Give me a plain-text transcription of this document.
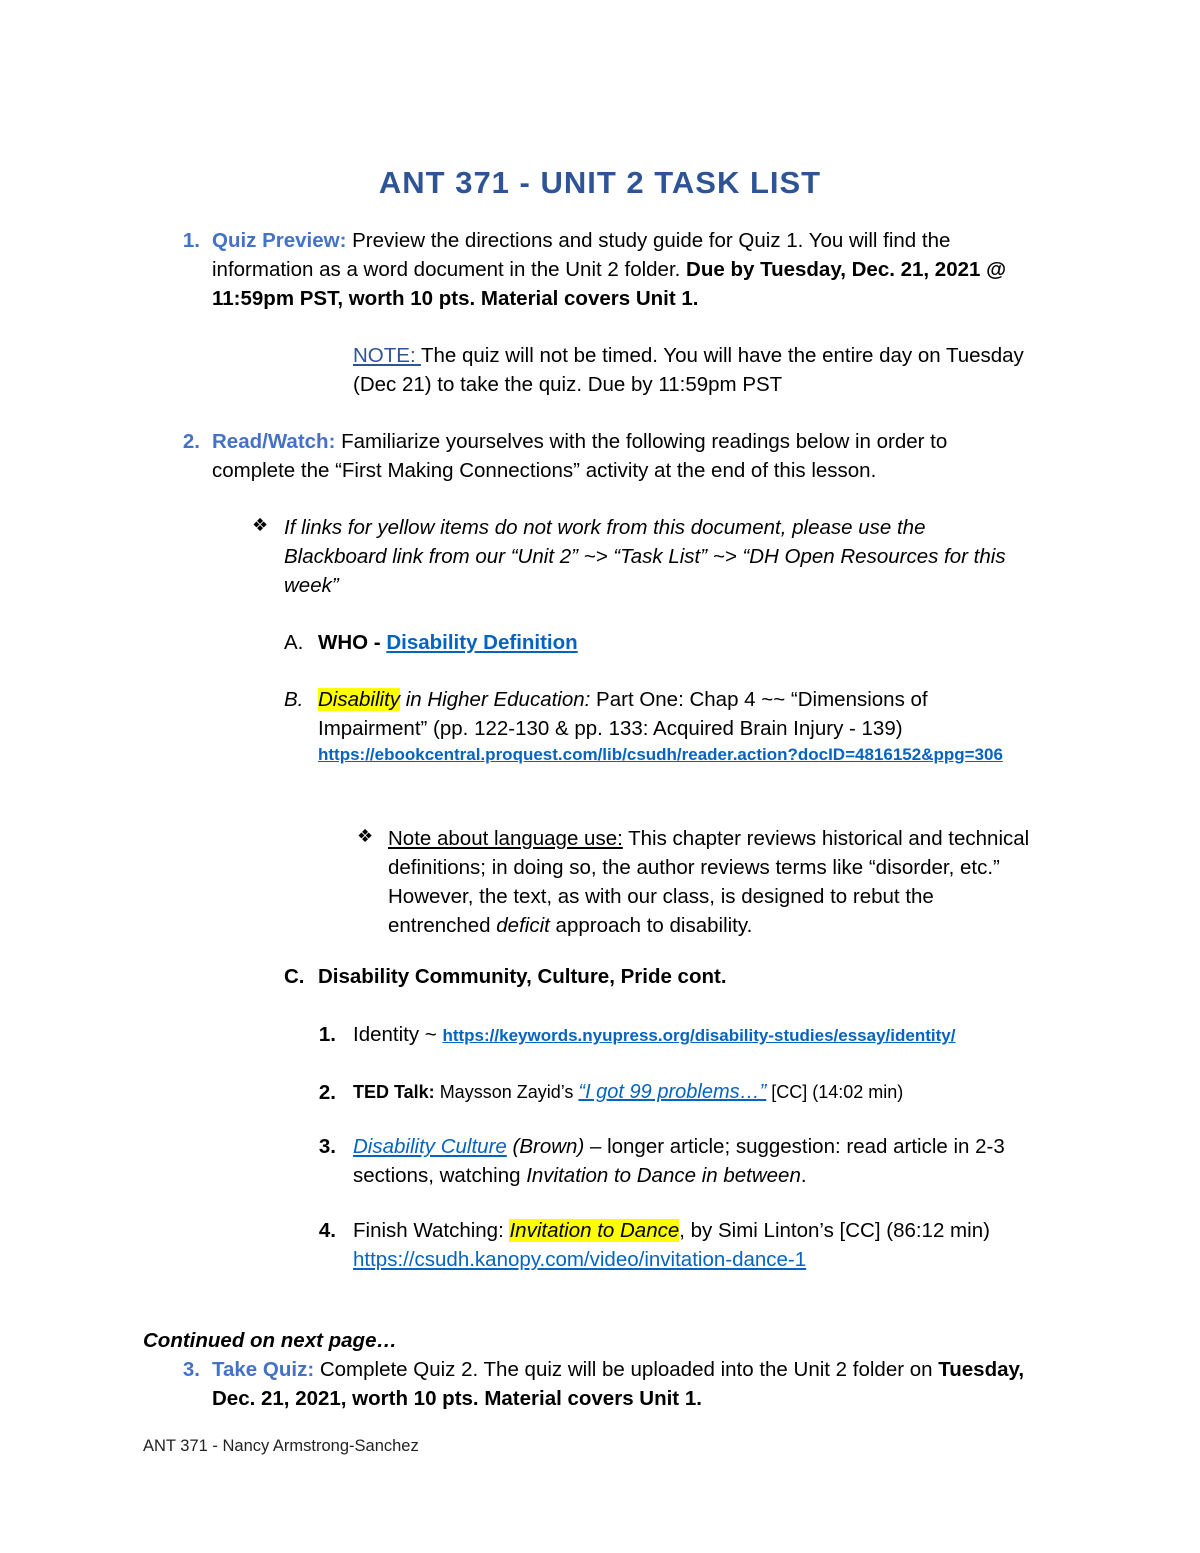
ANT 371 - UNIT 2 TASK LIST
1. Quiz Preview: Preview the directions and study guide for Quiz 1. You will find the
information as a word document in the Unit 2 folder. Due by Tuesday, Dec. 21, 2021 @
11:59pm PST, worth 10 pts. Material covers Unit 1.
NOTE: The quiz will not be timed. You will have the entire day on Tuesday
(Dec 21) to take the quiz. Due by 11:59pm PST
2. Read/Watch: Familiarize yourselves with the following readings below in order to
complete the “First Making Connections” activity at the end of this lesson.
❖ If links for yellow items do not work from this document, please use the
Blackboard link from our “Unit 2” ~> “Task List” ~> “DH Open Resources for this
week”
A. WHO - Disability Definition
B. Disability in Higher Education: Part One: Chap 4 ~~ “Dimensions of
Impairment” (pp. 122-130 & pp. 133: Acquired Brain Injury - 139)
https://ebookcentral.proquest.com/lib/csudh/reader.action?docID=4816152&ppg=306
❖ Note about language use: This chapter reviews historical and technical
definitions; in doing so, the author reviews terms like “disorder, etc.”
However, the text, as with our class, is designed to rebut the
entrenched deficit approach to disability.
C. Disability Community, Culture, Pride cont.
1. Identity ~ https://keywords.nyupress.org/disability-studies/essay/identity/
2. TED Talk: Maysson Zayid’s “I got 99 problems…” [CC] (14:02 min)
3. Disability Culture (Brown) – longer article; suggestion: read article in 2-3
sections, watching Invitation to Dance in between.
4. Finish Watching: Invitation to Dance, by Simi Linton’s [CC] (86:12 min)
https://csudh.kanopy.com/video/invitation-dance-1
Continued on next page…
3. Take Quiz: Complete Quiz 2. The quiz will be uploaded into the Unit 2 folder on Tuesday,
Dec. 21, 2021, worth 10 pts. Material covers Unit 1.
ANT 371 - Nancy Armstrong-Sanchez
